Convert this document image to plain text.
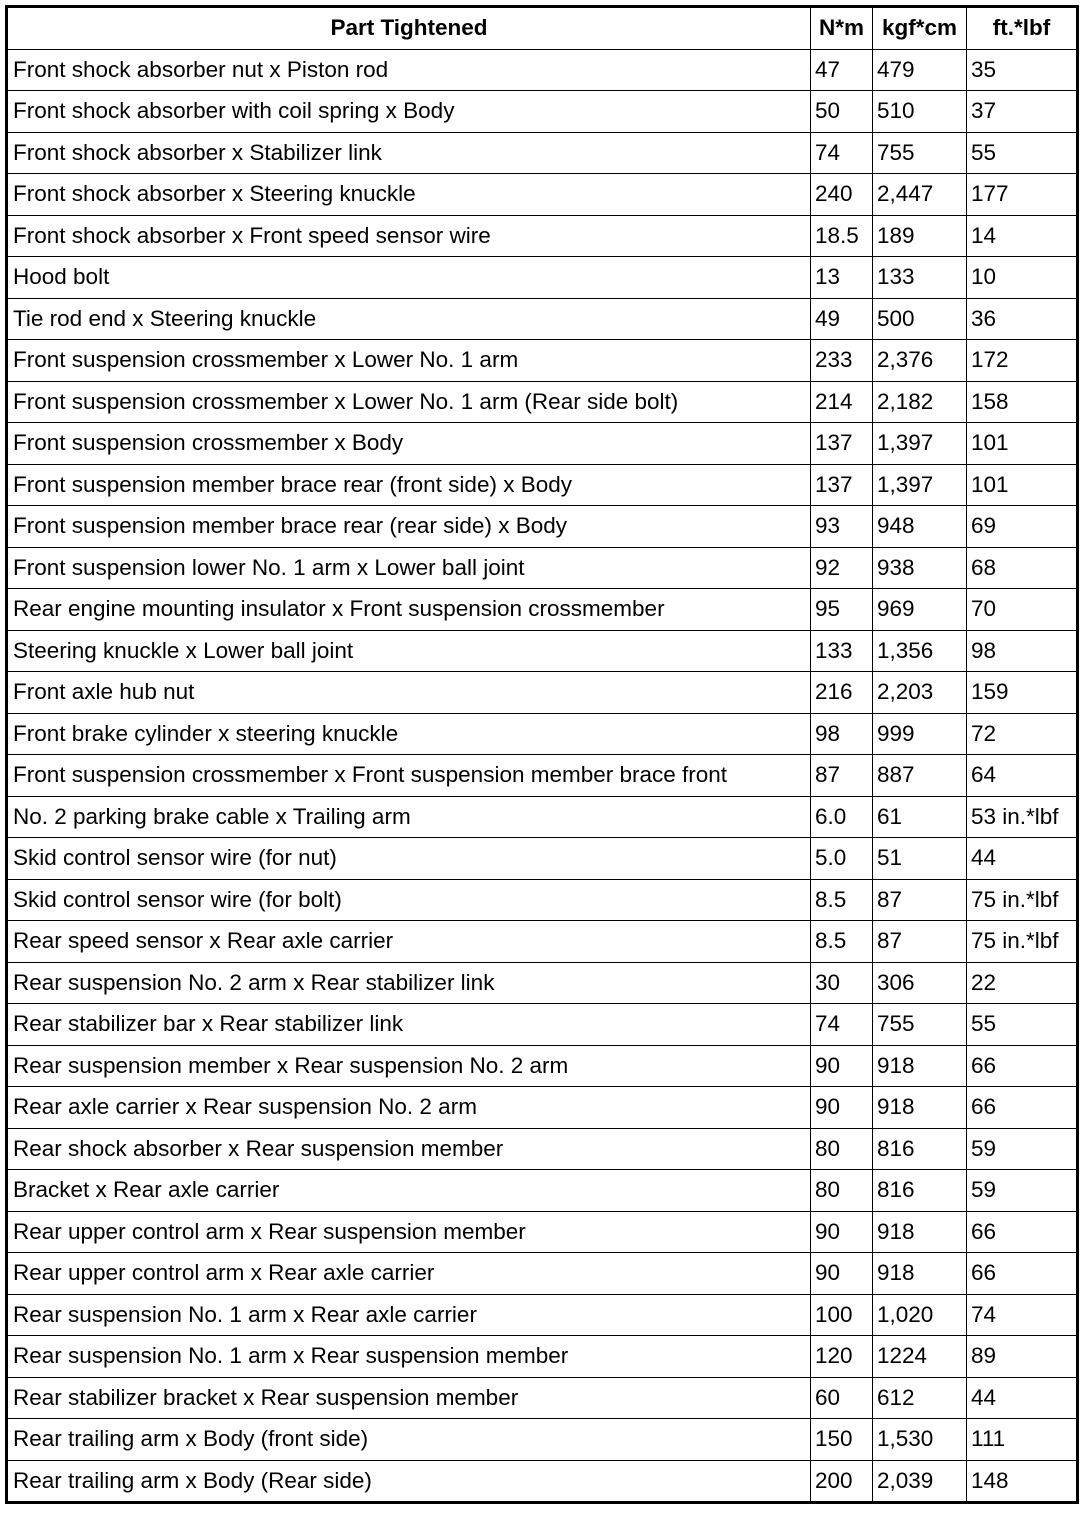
Part Tightened	N*m	kgf*cm	ft.*lbf
Front shock absorber nut x Piston rod	47	479	35
Front shock absorber with coil spring x Body	50	510	37
Front shock absorber x Stabilizer link	74	755	55
Front shock absorber x Steering knuckle	240	2,447	177
Front shock absorber x Front speed sensor wire	18.5	189	14
Hood bolt	13	133	10
Tie rod end x Steering knuckle	49	500	36
Front suspension crossmember x Lower No. 1 arm	233	2,376	172
Front suspension crossmember x Lower No. 1 arm (Rear side bolt)	214	2,182	158
Front suspension crossmember x Body	137	1,397	101
Front suspension member brace rear (front side) x Body	137	1,397	101
Front suspension member brace rear (rear side) x Body	93	948	69
Front suspension lower No. 1 arm x Lower ball joint	92	938	68
Rear engine mounting insulator x Front suspension crossmember	95	969	70
Steering knuckle x Lower ball joint	133	1,356	98
Front axle hub nut	216	2,203	159
Front brake cylinder x steering knuckle	98	999	72
Front suspension crossmember x Front suspension member brace front	87	887	64
No. 2 parking brake cable x Trailing arm	6.0	61	53 in.*lbf
Skid control sensor wire (for nut)	5.0	51	44
Skid control sensor wire (for bolt)	8.5	87	75 in.*lbf
Rear speed sensor x Rear axle carrier	8.5	87	75 in.*lbf
Rear suspension No. 2 arm x Rear stabilizer link	30	306	22
Rear stabilizer bar x Rear stabilizer link	74	755	55
Rear suspension member x Rear suspension No. 2 arm	90	918	66
Rear axle carrier x Rear suspension No. 2 arm	90	918	66
Rear shock absorber x Rear suspension member	80	816	59
Bracket x Rear axle carrier	80	816	59
Rear upper control arm x Rear suspension member	90	918	66
Rear upper control arm x Rear axle carrier	90	918	66
Rear suspension No. 1 arm x Rear axle carrier	100	1,020	74
Rear suspension No. 1 arm x Rear suspension member	120	1224	89
Rear stabilizer bracket x Rear suspension member	60	612	44
Rear trailing arm x Body (front side)	150	1,530	111
Rear trailing arm x Body (Rear side)	200	2,039	148
